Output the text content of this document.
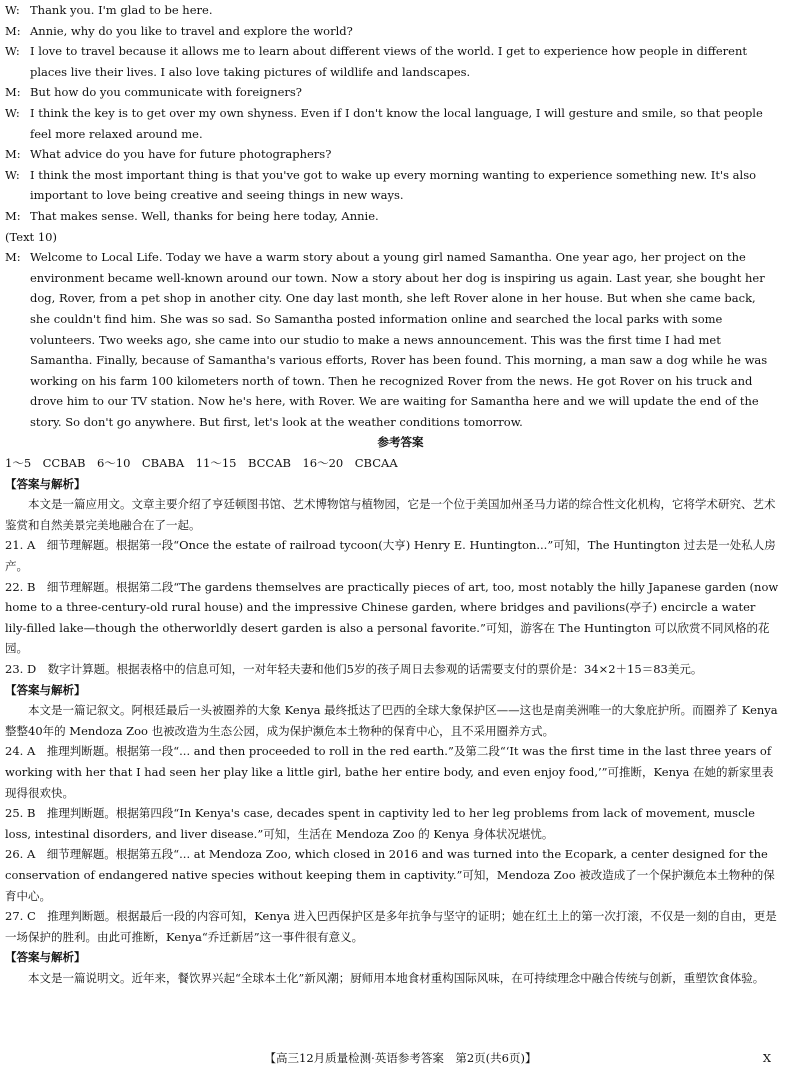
W: Thank you. I'm glad to be here.
M: Annie, why do you like to travel and explore the world?
W: I love to travel because it allows me to learn about different views of the world. I get to experience how people in different places live their lives. I also love taking pictures of wildlife and landscapes.
M: But how do you communicate with foreigners?
W: I think the key is to get over my own shyness. Even if I don't know the local language, I will gesture and smile, so that people feel more relaxed around me.
M: What advice do you have for future photographers?
W: I think the most important thing is that you've got to wake up every morning wanting to experience something new. It's also important to love being creative and seeing things in new ways.
M: That makes sense. Well, thanks for being here today, Annie.
(Text 10)
M: Welcome to Local Life. Today we have a warm story about a young girl named Samantha. One year ago, her project on the environment became well-known around our town. Now a story about her dog is inspiring us again. Last year, she bought her dog, Rover, from a pet shop in another city. One day last month, she left Rover alone in her house. But when she came back, she couldn't find him. She was so sad. So Samantha posted information online and searched the local parks with some volunteers. Two weeks ago, she came into our studio to make a news announcement. This was the first time I had met Samantha. Finally, because of Samantha's various efforts, Rover has been found. This morning, a man saw a dog while he was working on his farm 100 kilometers north of town. Then he recognized Rover from the news. He got Rover on his truck and drove him to our TV station. Now he's here, with Rover. We are waiting for Samantha here and we will update the end of the story. So don't go anywhere. But first, let's look at the weather conditions tomorrow.
参考答案
1～5　CCBAB　6～10　CBABA　11～15　BCCAB　16～20　CBCAA
【答案与解析】
本文是一篇应用文。文章主要介绍了亨廷顿图书馆、艺术博物馆与植物园，它是一个位于美国加州圣马力诺的综合性文化机构，它将学术研究、艺术鉴赏和自然美景完美地融合在了一起。
21. A　细节理解题。根据第一段“Once the estate of railroad tycoon(大亨) Henry E. Huntington...”可知，The Huntington 过去是一处私人房产。
22. B　细节理解题。根据第二段“The gardens themselves are practically pieces of art, too, most notably the hilly Japanese garden (now home to a three-century-old rural house) and the impressive Chinese garden, where bridges and pavilions(亭子) encircle a water lily-filled lake—though the otherworldly desert garden is also a personal favorite.”可知，游客在 The Huntington 可以欣赏不同风格的花园。
23. D　数字计算题。根据表格中的信息可知，一对年轻夫妻和他们5岁的孩子周日去参观的话需要支付的票价是：34×2＋15＝83美元。
【答案与解析】
本文是一篇记叙文。阿根廷最后一头被圈养的大象 Kenya 最终抵达了巴西的全球大象保护区——这也是南美洲唯一的大象庇护所。而圈养了 Kenya 整整40年的 Mendoza Zoo 也被改造为生态公园，成为保护濒危本土物种的保育中心，且不采用圈养方式。
24. A　推理判断题。根据第一段“... and then proceeded to roll in the red earth.”及第二段“‘It was the first time in the last three years of working with her that I had seen her play like a little girl, bathe her entire body, and even enjoy food,’”可推断，Kenya 在她的新家里表现得很欢快。
25. B　推理判断题。根据第四段“In Kenya's case, decades spent in captivity led to her leg problems from lack of movement, muscle loss, intestinal disorders, and liver disease.”可知，生活在 Mendoza Zoo 的 Kenya 身体状况堪忧。
26. A　细节理解题。根据第五段“... at Mendoza Zoo, which closed in 2016 and was turned into the Ecopark, a center designed for the conservation of endangered native species without keeping them in captivity.”可知，Mendoza Zoo 被改造成了一个保护濒危本土物种的保育中心。
27. C　推理判断题。根据最后一段的内容可知，Kenya 进入巴西保护区是多年抗争与坚守的证明；她在红土上的第一次打滚，不仅是一刻的自由，更是一场保护的胜利。由此可推断，Kenya“乔迁新居”这一事件很有意义。
【答案与解析】
本文是一篇说明文。近年来，餐饮界兴起“全球本土化”新风潮；厨师用本地食材重构国际风味，在可持续理念中融合传统与创新，重塑饮食体验。
【高三12月质量检测·英语参考答案　第2页(共6页)】	X
